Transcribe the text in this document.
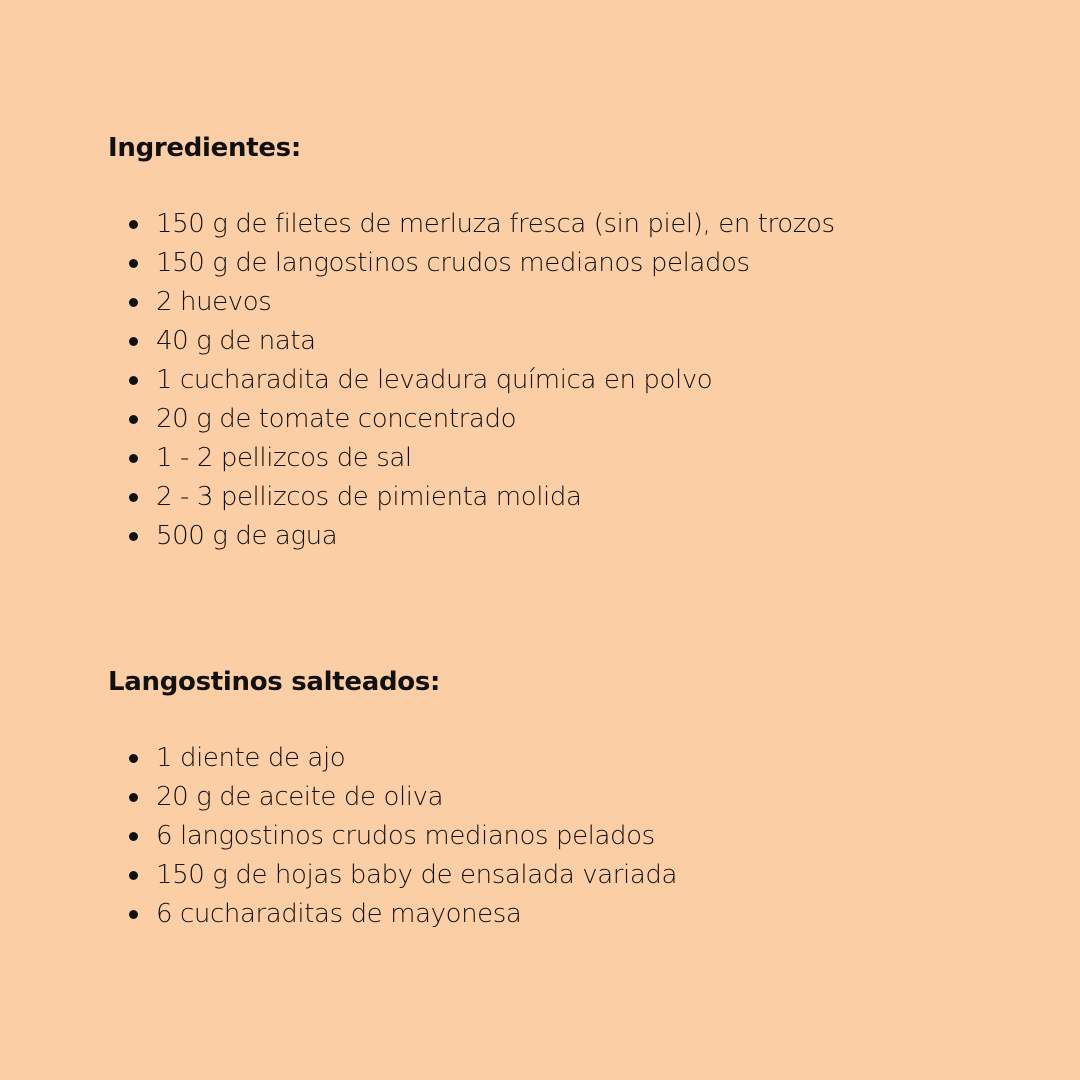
Ingredientes:
150 g de filetes de merluza fresca (sin piel), en trozos
150 g de langostinos crudos medianos pelados
2 huevos
40 g de nata
1 cucharadita de levadura química en polvo
20 g de tomate concentrado
1 - 2 pellizcos de sal
2 - 3 pellizcos de pimienta molida
500 g de agua
Langostinos salteados:
1 diente de ajo
20 g de aceite de oliva
6 langostinos crudos medianos pelados
150 g de hojas baby de ensalada variada
6 cucharaditas de mayonesa
